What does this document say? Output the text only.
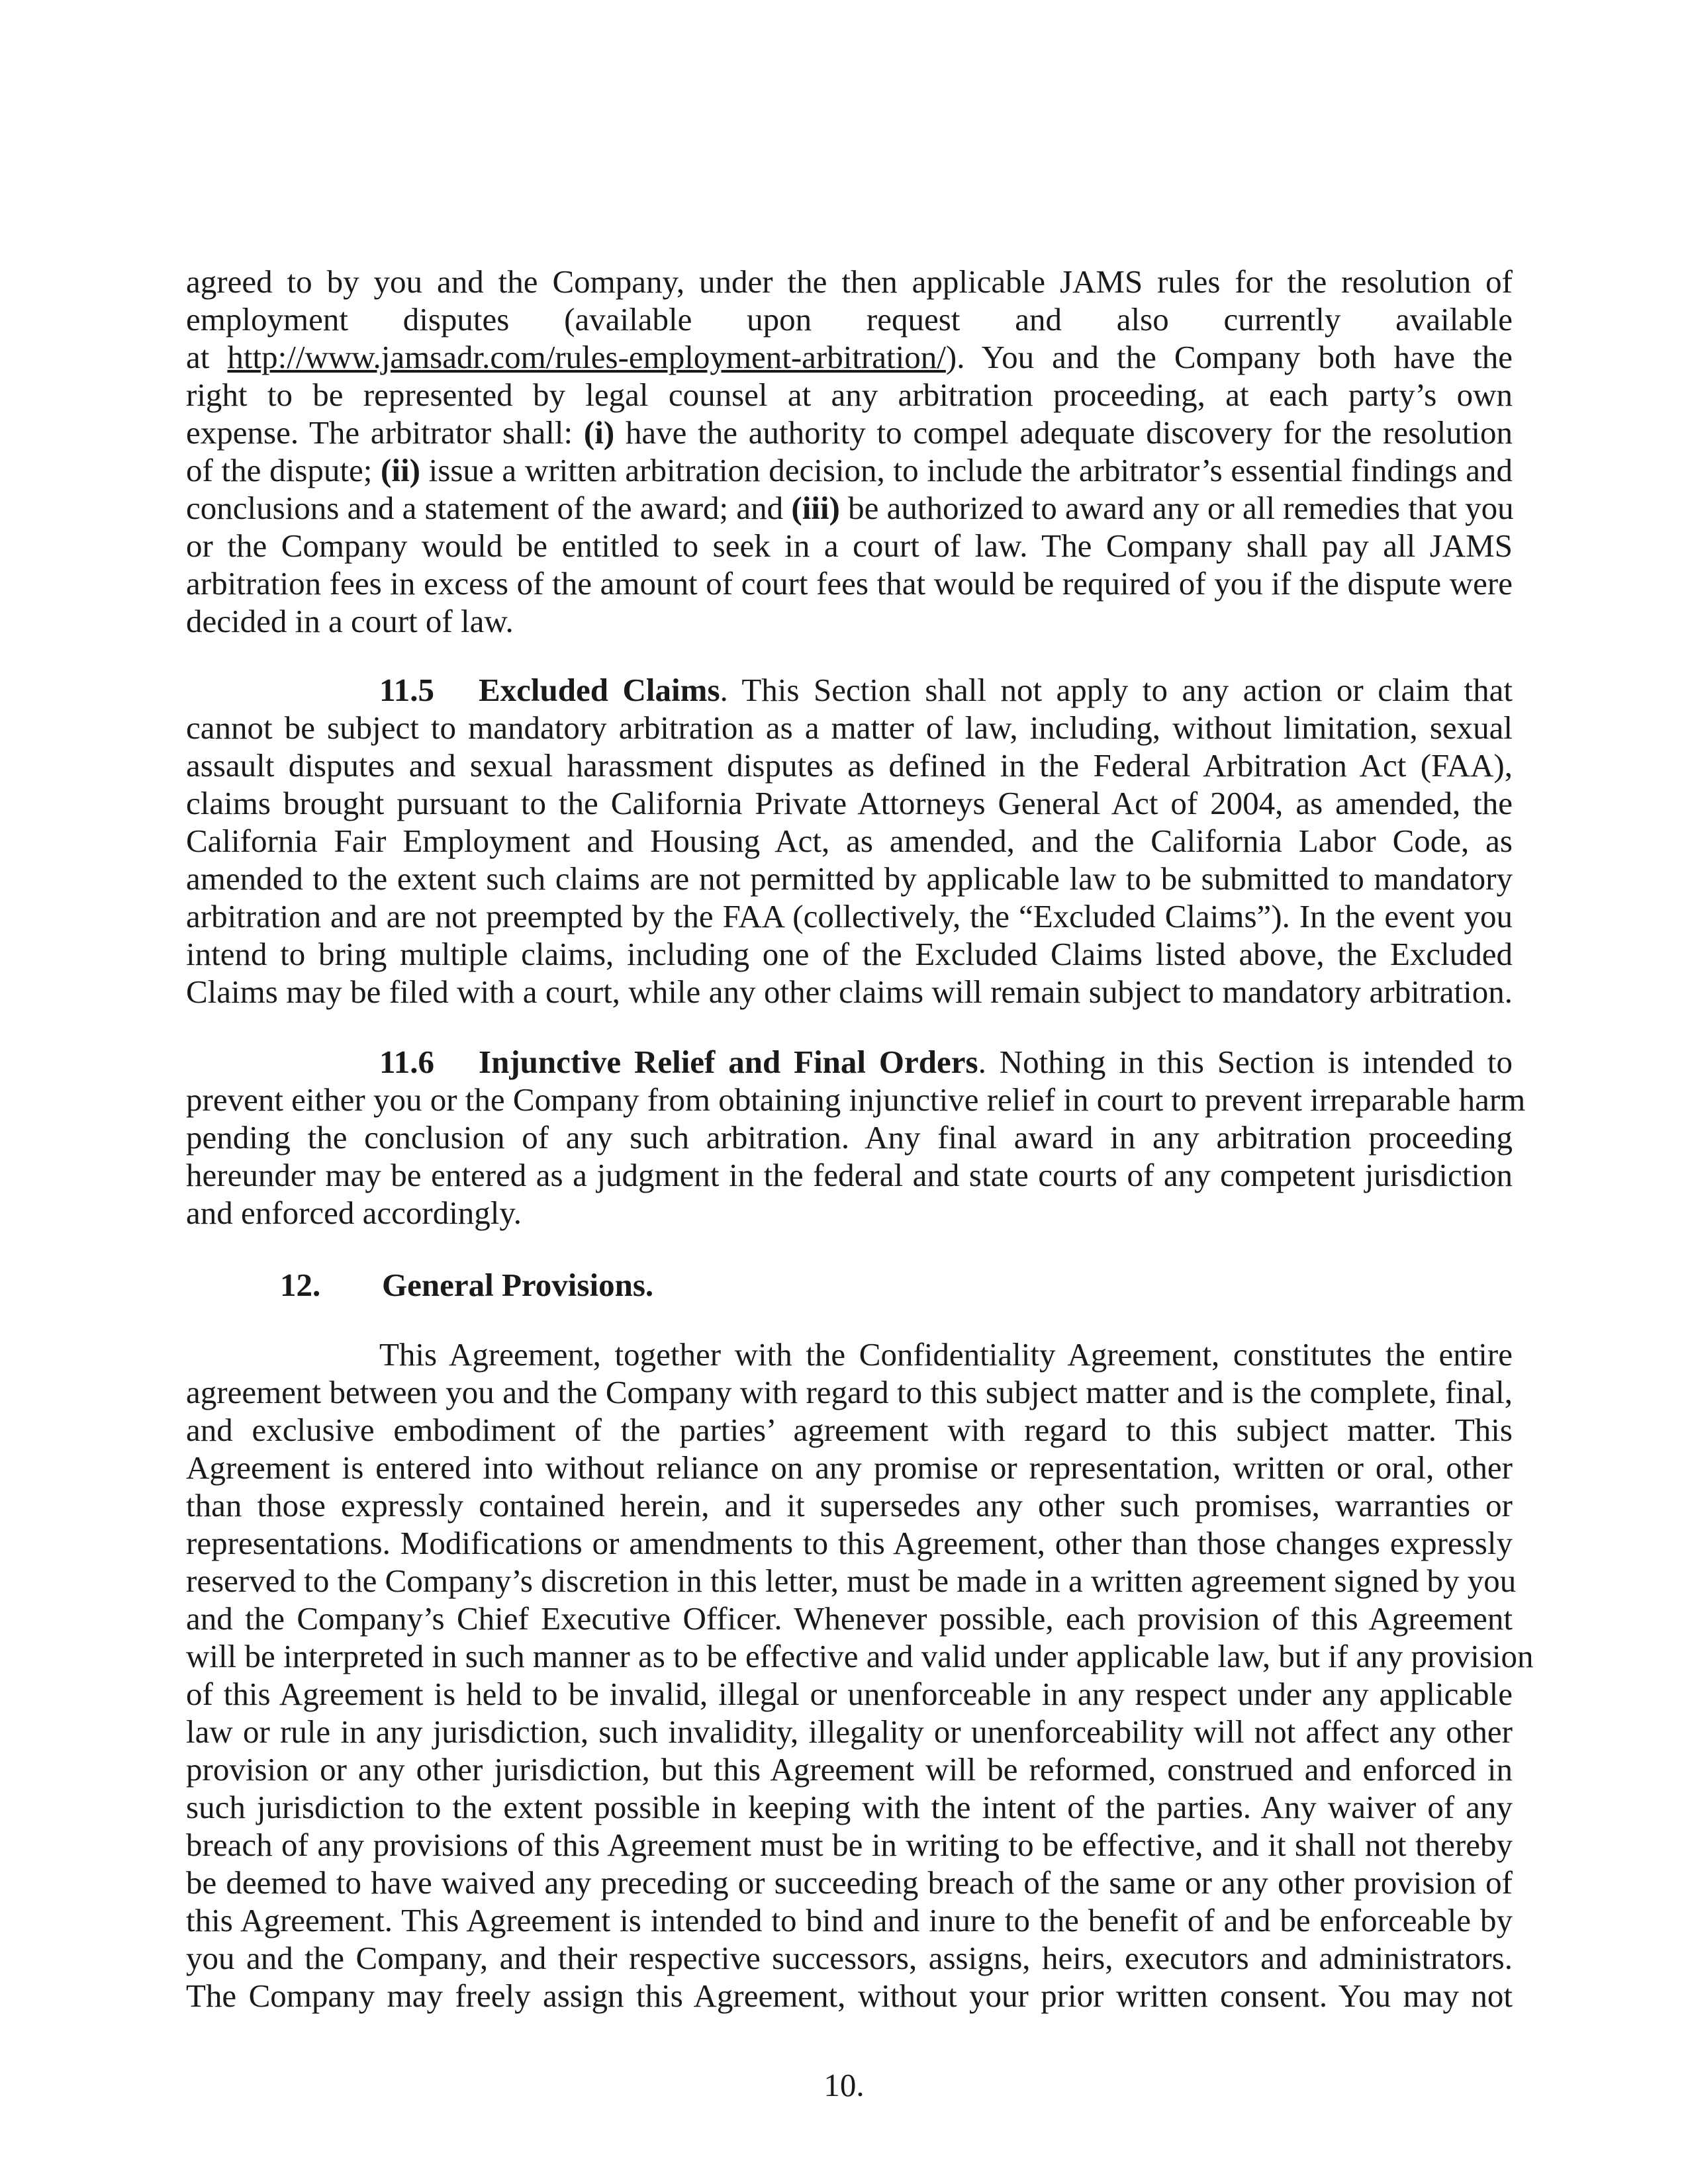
agreed to by you and the Company, under the then applicable JAMS rules for the resolution of
employment disputes (available upon request and also currently available
at http://www.jamsadr.com/rules-employment-arbitration/). You and the Company both have the
right to be represented by legal counsel at any arbitration proceeding, at each party’s own
expense. The arbitrator shall: (i) have the authority to compel adequate discovery for the resolution
of the dispute; (ii) issue a written arbitration decision, to include the arbitrator’s essential findings and
conclusions and a statement of the award; and (iii) be authorized to award any or all remedies that you
or the Company would be entitled to seek in a court of law. The Company shall pay all JAMS
arbitration fees in excess of the amount of court fees that would be required of you if the dispute were
decided in a court of law.
11.5 Excluded Claims. This Section shall not apply to any action or claim that
cannot be subject to mandatory arbitration as a matter of law, including, without limitation, sexual
assault disputes and sexual harassment disputes as defined in the Federal Arbitration Act (FAA),
claims brought pursuant to the California Private Attorneys General Act of 2004, as amended, the
California Fair Employment and Housing Act, as amended, and the California Labor Code, as
amended to the extent such claims are not permitted by applicable law to be submitted to mandatory
arbitration and are not preempted by the FAA (collectively, the “Excluded Claims”). In the event you
intend to bring multiple claims, including one of the Excluded Claims listed above, the Excluded
Claims may be filed with a court, while any other claims will remain subject to mandatory arbitration.
11.6 Injunctive Relief and Final Orders. Nothing in this Section is intended to
prevent either you or the Company from obtaining injunctive relief in court to prevent irreparable harm
pending the conclusion of any such arbitration. Any final award in any arbitration proceeding
hereunder may be entered as a judgment in the federal and state courts of any competent jurisdiction
and enforced accordingly.
12. General Provisions.
This Agreement, together with the Confidentiality Agreement, constitutes the entire
agreement between you and the Company with regard to this subject matter and is the complete, final,
and exclusive embodiment of the parties’ agreement with regard to this subject matter. This
Agreement is entered into without reliance on any promise or representation, written or oral, other
than those expressly contained herein, and it supersedes any other such promises, warranties or
representations. Modifications or amendments to this Agreement, other than those changes expressly
reserved to the Company’s discretion in this letter, must be made in a written agreement signed by you
and the Company’s Chief Executive Officer. Whenever possible, each provision of this Agreement
will be interpreted in such manner as to be effective and valid under applicable law, but if any provision
of this Agreement is held to be invalid, illegal or unenforceable in any respect under any applicable
law or rule in any jurisdiction, such invalidity, illegality or unenforceability will not affect any other
provision or any other jurisdiction, but this Agreement will be reformed, construed and enforced in
such jurisdiction to the extent possible in keeping with the intent of the parties. Any waiver of any
breach of any provisions of this Agreement must be in writing to be effective, and it shall not thereby
be deemed to have waived any preceding or succeeding breach of the same or any other provision of
this Agreement. This Agreement is intended to bind and inure to the benefit of and be enforceable by
you and the Company, and their respective successors, assigns, heirs, executors and administrators.
The Company may freely assign this Agreement, without your prior written consent. You may not
10.
